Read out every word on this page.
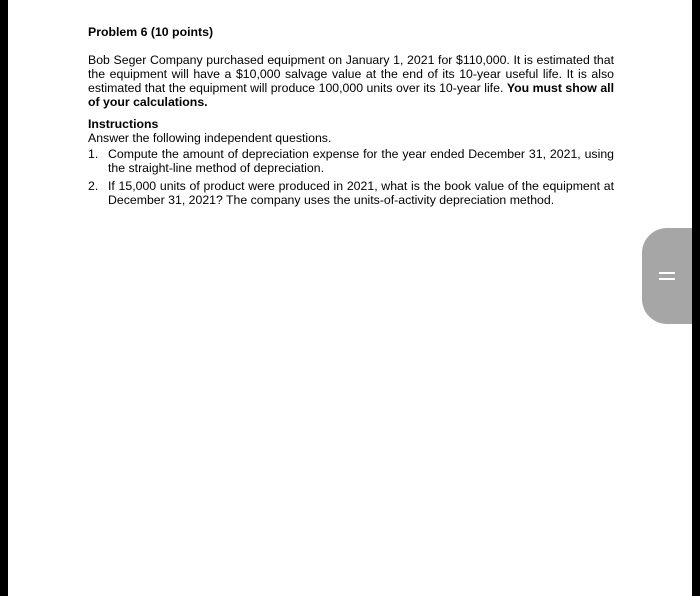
Problem 6 (10 points)

Bob Seger Company purchased equipment on January 1, 2021 for $110,000. It is estimated that the equipment will have a $10,000 salvage value at the end of its 10-year useful life. It is also estimated that the equipment will produce 100,000 units over its 10-year life. You must show all of your calculations.

Instructions
Answer the following independent questions.
1. Compute the amount of depreciation expense for the year ended December 31, 2021, using the straight-line method of depreciation.
2. If 15,000 units of product were produced in 2021, what is the book value of the equipment at December 31, 2021? The company uses the units-of-activity depreciation method.
